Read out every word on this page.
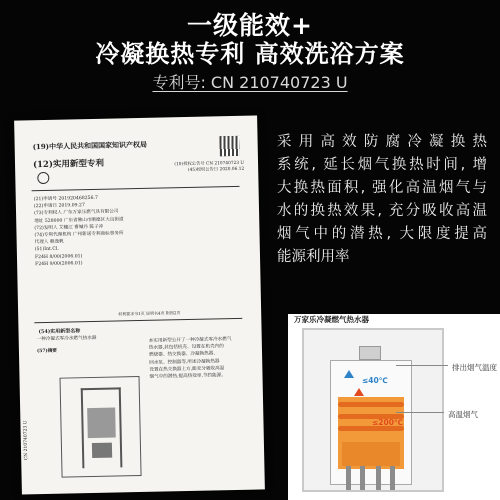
一级能效+
冷凝换热专利 高效洗浴方案
专利号: CN 210740723 U
(19)中华人民共和国国家知识产权局
(12)实用新型专利	(10)授权公告号 CN 210740723 U
(45)授权公告日 2020.06.12
(21)申请号 201920468256.7
(22)申请日 2019.09.27
(73)专利权人 广东万家乐燃气具有限公司
地址 528000 广东省佛山市顺德区大良街道
(72)发明人 艾穗江 曹喊丹 陈子冲
(74)专利代理机构 广州新诺专利商标事务所
代理人 赖逸帆
(51)Int.Cl.
F24H 8/00(2006.01)
F24H 9/00(2006.01)
权利要求书1页 说明书4页 附图2页
(54)实用新型名称
一种冷凝式零冷水燃气热水器
(57)摘要
本实用新型公开了一种冷凝式零冷水燃气
热水器,其包括机壳、设置在机壳内的
燃烧器、热交换器、冷凝换热器、
回水泵、控制器等,所述冷凝换热器
设置在热交换器上方,能充分吸收高温
烟气中的潜热,提高热效率,节约能源。
CN 210740723 U
采用高效防腐冷凝换热
系统, 延长烟气换热时间, 增
大换热面积, 强化高温烟气与
水的换热效果, 充分吸收高温
烟气中的潜热, 大限度提高
能源利用率
万家乐冷凝燃气热水器
≤40℃
≤200℃
排出烟气温度
高温烟气
